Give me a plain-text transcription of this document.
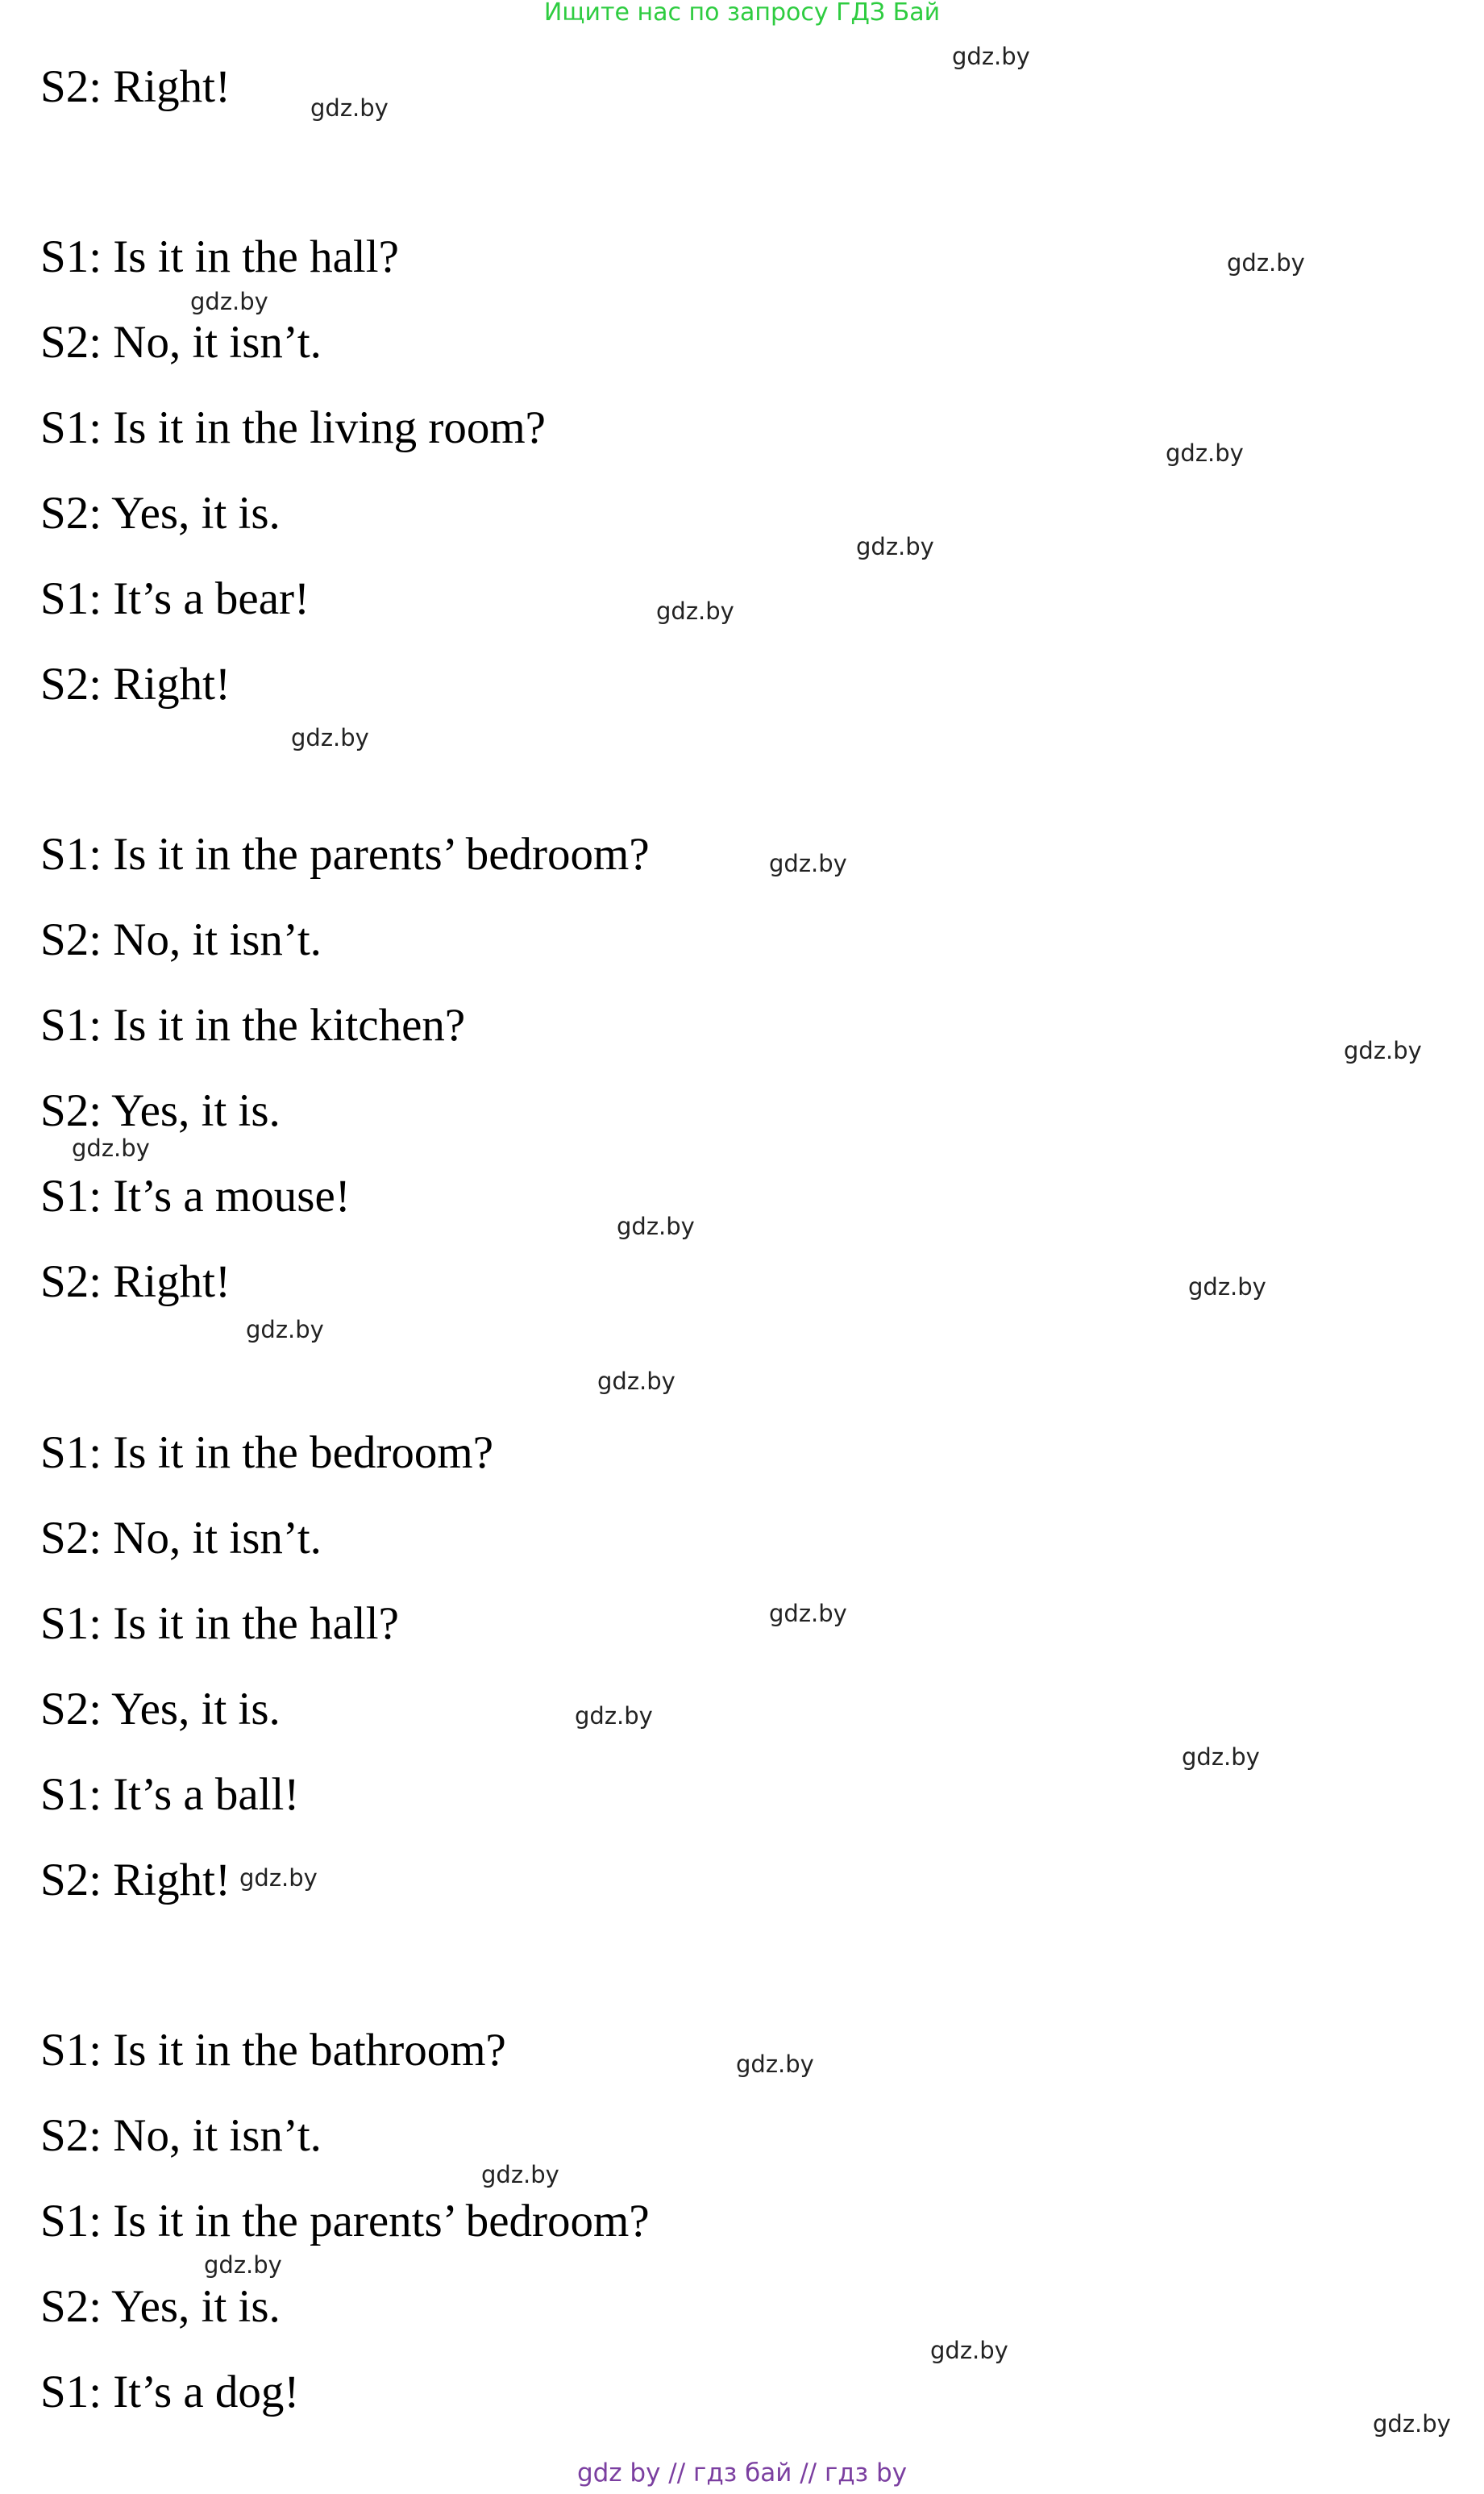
Ищите нас по запросу ГДЗ Бай
S2: Right!
S1: Is it in the hall?
S2: No, it isn’t.
S1: Is it in the living room?
S2: Yes, it is.
S1: It’s a bear!
S2: Right!
S1: Is it in the parents’ bedroom?
S2: No, it isn’t.
S1: Is it in the kitchen?
S2: Yes, it is.
S1: It’s a mouse!
S2: Right!
S1: Is it in the bedroom?
S2: No, it isn’t.
S1: Is it in the hall?
S2: Yes, it is.
S1: It’s a ball!
S2: Right!
S1: Is it in the bathroom?
S2: No, it isn’t.
S1: Is it in the parents’ bedroom?
S2: Yes, it is.
S1: It’s a dog!
gdz.by
gdz.by
gdz.by
gdz.by
gdz.by
gdz.by
gdz.by
gdz.by
gdz.by
gdz.by
gdz.by
gdz.by
gdz.by
gdz.by
gdz.by
gdz.by
gdz.by
gdz.by
gdz.by
gdz.by
gdz.by
gdz.by
gdz.by
gdz.by
gdz by // гдз бай // гдз by
